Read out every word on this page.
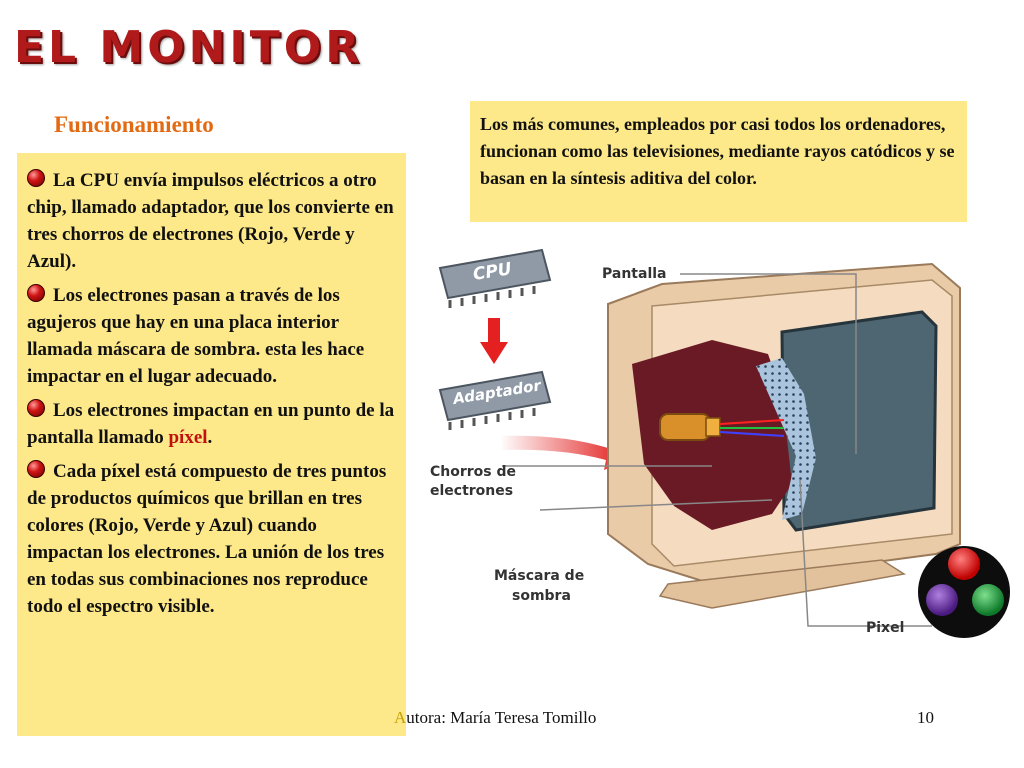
EL MONITOR
Funcionamiento

La CPU envía impulsos eléctricos a otro chip, llamado adaptador, que los convierte en tres chorros de electrones (Rojo, Verde y Azul).

Los electrones pasan a través de los agujeros que hay en una placa interior llamada máscara de sombra. esta les hace impactar en el lugar adecuado.

Los electrones impactan en un punto de la pantalla llamado píxel.

Cada píxel está compuesto de tres puntos de productos químicos que brillan en tres colores (Rojo, Verde y Azul) cuando impactan los electrones. La unión de los tres en todas sus combinaciones nos reproduce todo el espectro visible.

Los más comunes, empleados por casi todos los ordenadores, funcionan como las televisiones, mediante rayos catódicos y se basan en la síntesis aditiva del color.
CPU
Adaptador
Pantalla
Chorros de
electrones
Máscara de
sombra
Pixel
Autora: María Teresa Tomillo	10
